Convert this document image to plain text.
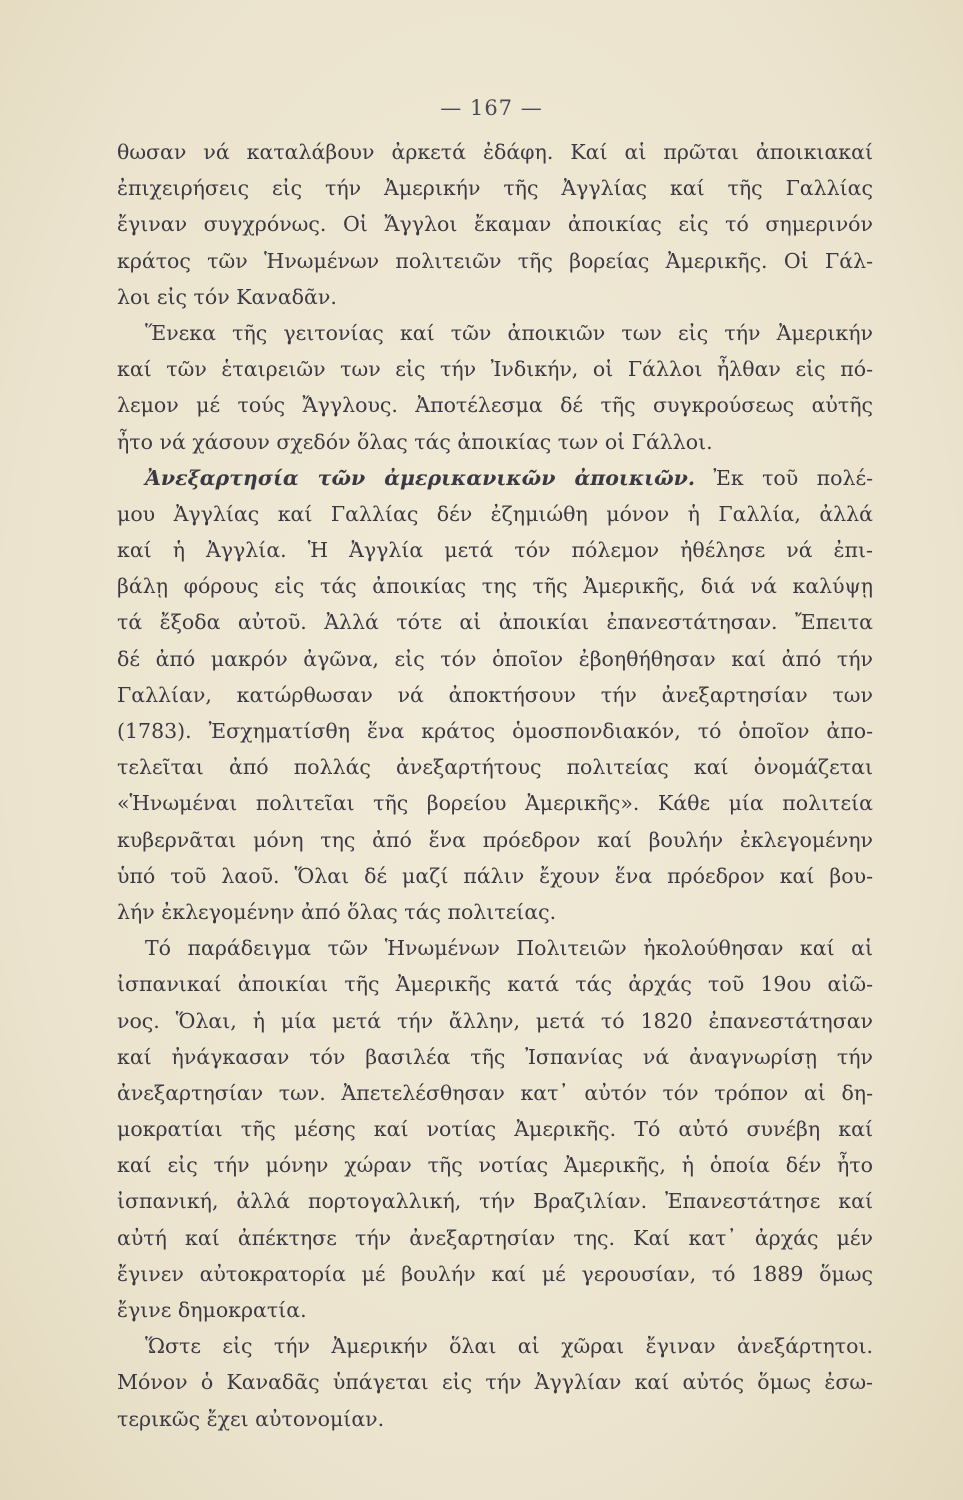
— 167 —
θωσαν νά καταλάβουν ἀρκετά ἐδάφη. Καί αἱ πρῶται ἀποικιακαί
ἐπιχειρήσεις εἰς τήν Ἀμερικήν τῆς Ἀγγλίας καί τῆς Γαλλίας
ἔγιναν συγχρόνως. Οἱ Ἄγγλοι ἔκαμαν ἀποικίας εἰς τό σημερινόν
κράτος τῶν Ἡνωμένων πολιτειῶν τῆς βορείας Ἀμερικῆς. Οἱ Γάλ-
λοι εἰς τόν Καναδᾶν.
Ἕνεκα τῆς γειτονίας καί τῶν ἀποικιῶν των εἰς τήν Ἀμερικήν
καί τῶν ἑταιρειῶν των εἰς τήν Ἰνδικήν, οἱ Γάλλοι ἦλθαν εἰς πό-
λεμον μέ τούς Ἄγγλους. Ἀποτέλεσμα δέ τῆς συγκρούσεως αὐτῆς
ἦτο νά χάσουν σχεδόν ὅλας τάς ἀποικίας των οἱ Γάλλοι.
Ἀνεξαρτησία τῶν ἀμερικανικῶν ἀποικιῶν. Ἐκ τοῦ πολέ-
μου Ἀγγλίας καί Γαλλίας δέν ἐζημιώθη μόνον ἡ Γαλλία, ἀλλά
καί ἡ Ἀγγλία. Ἡ Ἀγγλία μετά τόν πόλεμον ἠθέλησε νά ἐπι-
βάλῃ φόρους εἰς τάς ἀποικίας της τῆς Ἀμερικῆς, διά νά καλύψῃ
τά ἔξοδα αὐτοῦ. Ἀλλά τότε αἱ ἀποικίαι ἐπανεστάτησαν. Ἔπειτα
δέ ἀπό μακρόν ἀγῶνα, εἰς τόν ὁποῖον ἐβοηθήθησαν καί ἀπό τήν
Γαλλίαν, κατώρθωσαν νά ἀποκτήσουν τήν ἀνεξαρτησίαν των
(1783). Ἐσχηματίσθη ἕνα κράτος ὁμοσπονδιακόν, τό ὁποῖον ἀπο-
τελεῖται ἀπό πολλάς ἀνεξαρτήτους πολιτείας καί ὀνομάζεται
«Ἡνωμέναι πολιτεῖαι τῆς βορείου Ἀμερικῆς». Κάθε μία πολιτεία
κυβερνᾶται μόνη της ἀπό ἕνα πρόεδρον καί βουλήν ἐκλεγομένην
ὑπό τοῦ λαοῦ. Ὅλαι δέ μαζί πάλιν ἔχουν ἕνα πρόεδρον καί βου-
λήν ἐκλεγομένην ἀπό ὅλας τάς πολιτείας.
Τό παράδειγμα τῶν Ἡνωμένων Πολιτειῶν ἠκολούθησαν καί αἱ
ἰσπανικαί ἀποικίαι τῆς Ἀμερικῆς κατά τάς ἀρχάς τοῦ 19ου αἰῶ-
νος. Ὅλαι, ἡ μία μετά τήν ἄλλην, μετά τό 1820 ἐπανεστάτησαν
καί ἠνάγκασαν τόν βασιλέα τῆς Ἰσπανίας νά ἀναγνωρίσῃ τήν
ἀνεξαρτησίαν των. Ἀπετελέσθησαν κατ᾽ αὐτόν τόν τρόπον αἱ δη-
μοκρατίαι τῆς μέσης καί νοτίας Ἀμερικῆς. Τό αὐτό συνέβη καί
καί εἰς τήν μόνην χώραν τῆς νοτίας Ἀμερικῆς, ἡ ὁποία δέν ἦτο
ἰσπανική, ἀλλά πορτογαλλική, τήν Βραζιλίαν. Ἐπανεστάτησε καί
αὐτή καί ἀπέκτησε τήν ἀνεξαρτησίαν της. Καί κατ᾽ ἀρχάς μέν
ἔγινεν αὐτοκρατορία μέ βουλήν καί μέ γερουσίαν, τό 1889 ὅμως
ἔγινε δημοκρατία.
Ὥστε εἰς τήν Ἀμερικήν ὅλαι αἱ χῶραι ἔγιναν ἀνεξάρτητοι.
Μόνον ὁ Καναδᾶς ὑπάγεται εἰς τήν Ἀγγλίαν καί αὐτός ὅμως ἐσω-
τερικῶς ἔχει αὐτονομίαν.
